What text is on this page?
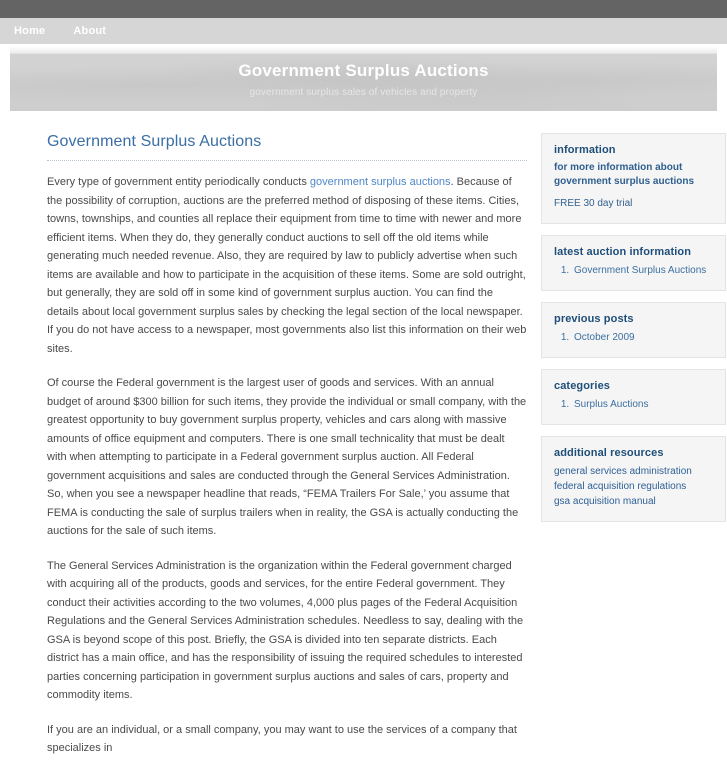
Home	About
Government Surplus Auctions
government surplus sales of vehicles and property
Government Surplus Auctions

Every type of government entity periodically conducts government surplus auctions. Because of the possibility of corruption, auctions are the preferred method of disposing of these items. Cities, towns, townships, and counties all replace their equipment from time to time with newer and more efficient items. When they do, they generally conduct auctions to sell off the old items while generating much needed revenue. Also, they are required by law to publicly advertise when such items are available and how to participate in the acquisition of these items. Some are sold outright, but generally, they are sold off in some kind of government surplus auction. You can find the details about local government surplus sales by checking the legal section of the local newspaper. If you do not have access to a newspaper, most governments also list this information on their web sites.

Of course the Federal government is the largest user of goods and services. With an annual budget of around $300 billion for such items, they provide the individual or small company, with the greatest opportunity to buy government surplus property, vehicles and cars along with massive amounts of office equipment and computers. There is one small technicality that must be dealt with when attempting to participate in a Federal government surplus auction. All Federal government acquisitions and sales are conducted through the General Services Administration. So, when you see a newspaper headline that reads, “FEMA Trailers For Sale,’ you assume that FEMA is conducting the sale of surplus trailers when in reality, the GSA is actually conducting the auctions for the sale of such items.

The General Services Administration is the organization within the Federal government charged with acquiring all of the products, goods and services, for the entire Federal government. They conduct their activities according to the two volumes, 4,000 plus pages of the Federal Acquisition Regulations and the General Services Administration schedules. Needless to say, dealing with the GSA is beyond scope of this post. Briefly, the GSA is divided into ten separate districts. Each district has a main office, and has the responsibility of issuing the required schedules to interested parties concerning participation in government surplus auctions and sales of cars, property and commodity items.

If you are an individual, or a small company, you may want to use the services of a company that specializes in

information

for more information about government surplus auctions

FREE 30 day trial

latest auction information
1. Government Surplus Auctions
previous posts
1. October 2009
categories
1. Surplus Auctions
additional resources
general services administration
federal acquisition regulations
gsa acquisition manual
